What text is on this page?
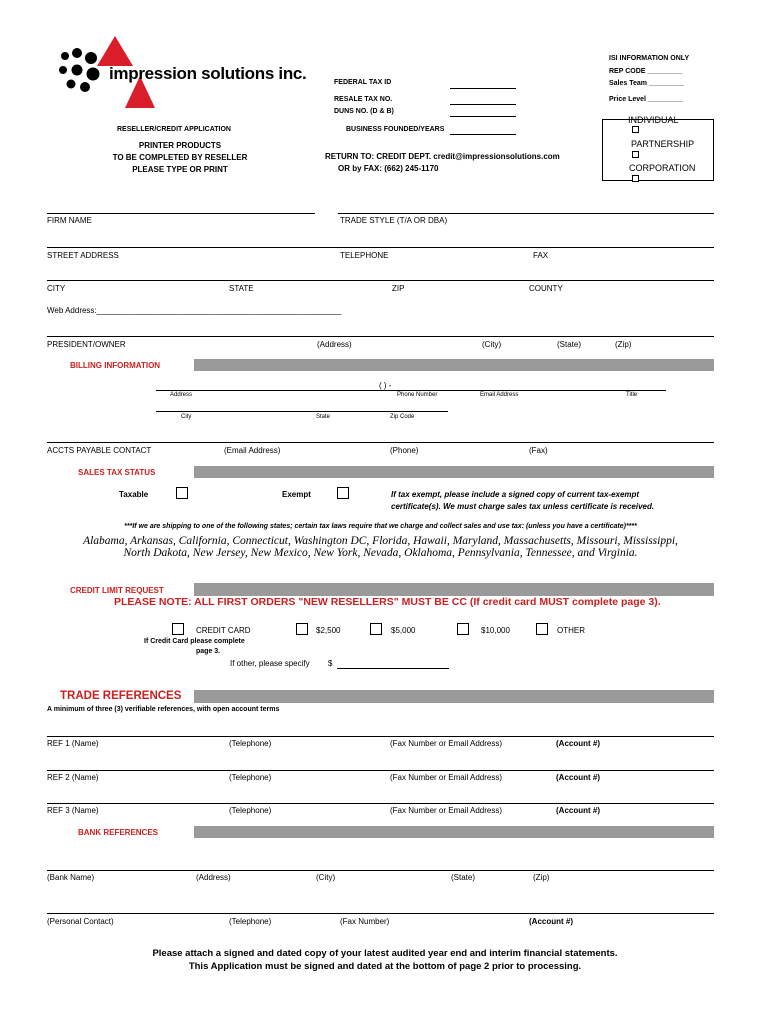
impression solutions inc.
ISI INFORMATION ONLY
REP CODE _________
Sales Team _________
Price Level _________
FEDERAL TAX ID
RESALE TAX NO.
DUNS NO. (D & B)
BUSINESS FOUNDED/YEARS
INDIVIDUAL
PARTNERSHIP
CORPORATION
RESELLER/CREDIT APPLICATION
PRINTER PRODUCTS
TO BE COMPLETED BY RESELLER
PLEASE TYPE OR PRINT
RETURN TO: CREDIT DEPT. credit@impressionsolutions.com
OR by FAX: (662) 245-1170
FIRM NAME	TRADE STYLE (T/A OR DBA)
STREET ADDRESS	TELEPHONE	FAX
CITY	STATE	ZIP	COUNTY
Web Address:_______________________________________________________
PRESIDENT/OWNER	(Address)	(City)	(State)	(Zip)
BILLING INFORMATION
( ) -
Address	Phone Number	Email Address	Title
City	State	Zip Code
ACCTS PAYABLE CONTACT	(Email Address)	(Phone)	(Fax)
SALES TAX STATUS
Taxable	Exempt	If tax exempt, please include a signed copy of current tax-exempt
certificate(s). We must charge sales tax unless certificate is received.
***If we are shipping to one of the following states; certain tax laws require that we charge and collect sales and use tax: (unless you have a certificate)****
Alabama, Arkansas, California, Connecticut, Washington DC, Florida, Hawaii, Maryland, Massachusetts, Missouri, Mississippi,
North Dakota, New Jersey, New Mexico, New York, Nevada, Oklahoma, Pennsylvania, Tennessee, and Virginia.
CREDIT LIMIT REQUEST
PLEASE NOTE: ALL FIRST ORDERS "NEW RESELLERS" MUST BE CC (If credit card MUST complete page 3).
CREDIT CARD	$2,500	$5,000	$10,000	OTHER
If Credit Card please complete
page 3.
If other, please specify $
TRADE REFERENCES
A minimum of three (3) verifiable references, with open account terms
REF 1 (Name)	(Telephone)	(Fax Number or Email Address)	(Account #)
REF 2 (Name)	(Telephone)	(Fax Number or Email Address)	(Account #)
REF 3 (Name)	(Telephone)	(Fax Number or Email Address)	(Account #)
BANK REFERENCES
(Bank Name)	(Address)	(City)	(State)	(Zip)
(Personal Contact)	(Telephone)	(Fax Number)	(Account #)
Please attach a signed and dated copy of your latest audited year end and interim financial statements.
This Application must be signed and dated at the bottom of page 2 prior to processing.
